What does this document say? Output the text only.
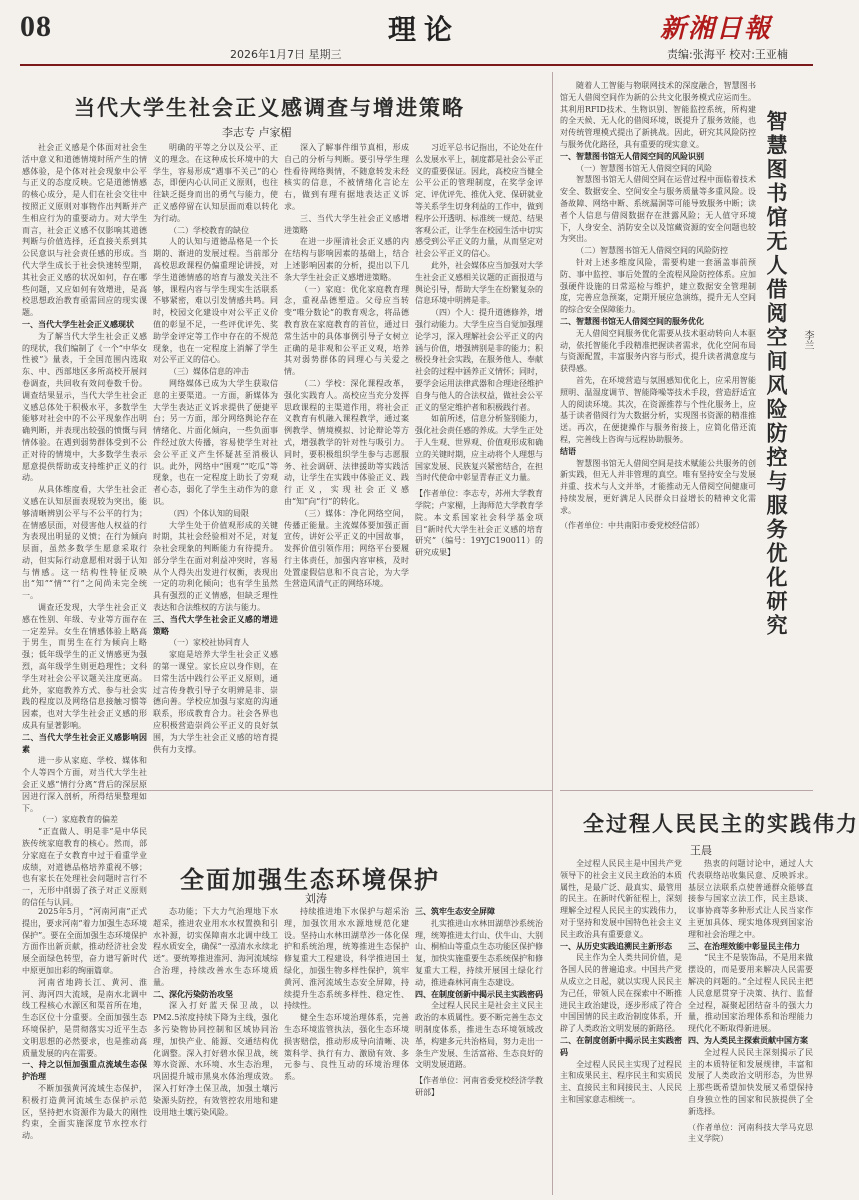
08	理论	新湘日報
2026年1月7日 星期三	责编:张海平 校对:王亚楠
当代大学生社会正义感调查与增进策略
李志专 卢家楣

社会正义感是个体面对社会生活中意义和道德情境时所产生的情感体验，是个体对社会现象中公平与正义的态度反映。它是道德情感的核心成分，是人们在社会交往中按照正义原则对事物作出判断并产生相应行为的重要动力。对大学生而言，社会正义感不仅影响其道德判断与价值选择，还直接关系到其公民意识与社会责任感的形成。当代大学生成长于社会快速转型期，其社会正义感的状况如何，存在哪些问题，又应如何有效增进，是高校思想政治教育亟需回应的现实课题。

一、当代大学生社会正义感现状

为了解当代大学生社会正义感的现状，我们编制了《一个“中华女性被”》量表，于全国范围内选取东、中、西部地区多所高校开展问卷调查，共回收有效问卷数千份。调查结果显示，当代大学生社会正义感总体处于积极水平，多数学生能够对社会中的不公平现象作出明确判断，并表现出较强的愤慨与同情体验。在遇到弱势群体受到不公正对待的情境中，大多数学生表示愿意提供帮助或支持维护正义的行动。

从具体维度看，大学生社会正义感在认知层面表现较为突出，能够清晰辨别公平与不公平的行为；在情感层面，对侵害他人权益的行为表现出明显的义愤；在行为倾向层面，虽然多数学生愿意采取行动，但实际行动意愿相对弱于认知与情感。这一结构性特征反映出“知”“情”“行”之间尚未完全统一。

调查还发现，大学生社会正义感在性别、年级、专业等方面存在一定差异。女生在情感体验上略高于男生，而男生在行为倾向上略强；低年级学生的正义情感更为强烈，高年级学生则更趋理性；文科学生对社会公平议题关注度更高。此外，家庭教养方式、参与社会实践的程度以及网络信息接触习惯等因素，也对大学生社会正义感的形成具有显著影响。

二、当代大学生社会正义感影响因素

进一步从家庭、学校、媒体和个人等四个方面，对当代大学生社会正义感“情行分离”背后的深层原因进行深入剖析，所得结果整理如下。

（一）家庭教育的偏差

“正直做人、明是非”是中华民族传统家庭教育的核心。然而，部分家庭在子女教育中过于看重学业成绩，对道德品格培养重视不够；也有家长在处理社会问题时言行不一，无形中削弱了孩子对正义原则的信任与认同。

明确的平等之分以及公平、正义的理念。在这种成长环境中的大学生，容易形成“遇事不关己”的心态，即便内心认同正义原则，也往往缺乏挺身而出的勇气与能力，使正义感停留在认知层面而难以转化为行动。

（二）学校教育的缺位

人的认知与道德品格是一个长期的、渐进的发展过程。当前部分高校思政课程仍偏重理论讲授，对学生道德情感的培育与激发关注不够，课程内容与学生现实生活联系不够紧密，难以引发情感共鸣。同时，校园文化建设中对公平正义价值的彰显不足，一些评优评先、奖助学金评定等工作中存在的不规范现象，也在一定程度上消解了学生对公平正义的信心。

（三）媒体信息的冲击

网络媒体已成为大学生获取信息的主要渠道。一方面，新媒体为大学生表达正义诉求提供了便捷平台；另一方面，部分网络舆论存在情绪化、片面化倾向，一些负面事件经过放大传播，容易使学生对社会公平正义产生怀疑甚至消极认识。此外，网络中“围观”“吃瓜”等现象，也在一定程度上助长了旁观者心态，弱化了学生主动作为的意识。

（四）个体认知的局限

大学生处于价值观形成的关键时期，其社会经验相对不足，对复杂社会现象的判断能力有待提升。部分学生在面对利益冲突时，容易从个人得失出发进行权衡，表现出一定的功利化倾向；也有学生虽然具有强烈的正义情感，但缺乏理性表达和合法维权的方法与能力。

三、当代大学生社会正义感的增进策略

（一）家校社协同育人

家庭是培养大学生社会正义感的第一课堂。家长应以身作则，在日常生活中践行公平正义原则，通过言传身教引导子女明辨是非、崇德向善。学校应加强与家庭的沟通联系，形成教育合力。社会各界也应积极营造崇尚公平正义的良好氛围，为大学生社会正义感的培育提供有力支撑。

深入了解事件细节真相，形成自己的分析与判断。要引导学生理性看待网络舆情，不随意转发未经核实的信息，不被情绪化言论左右，做到有理有据地表达正义诉求。

三、当代大学生社会正义感增进策略

在进一步厘清社会正义感的内在结构与影响因素的基础上，结合上述影响因素的分析，提出以下几条大学生社会正义感增进策略。

（一）家庭：优化家庭教育理念，重视品德塑造。父母应当转变“唯分数论”的教育观念，将品德教育放在家庭教育的首位，通过日常生活中的具体事例引导子女树立正确的是非观和公平正义观，培养其对弱势群体的同理心与关爱之情。

（二）学校：深化课程改革，强化实践育人。高校应当充分发挥思政课程的主渠道作用，将社会正义教育有机融入课程教学，通过案例教学、情境模拟、讨论辩论等方式，增强教学的针对性与吸引力。同时，要积极组织学生参与志愿服务、社会调研、法律援助等实践活动，让学生在实践中体验正义、践行正义，实现社会正义感由“知”向“行”的转化。

（三）媒体：净化网络空间，传播正能量。主流媒体要加强正面宣传，讲好公平正义的中国故事，发挥价值引领作用；网络平台要履行主体责任，加强内容审核，及时处置虚假信息和不良言论，为大学生营造风清气正的网络环境。

习近平总书记指出，不论处在什么发展水平上，制度都是社会公平正义的重要保证。因此，高校应当健全公平公正的管理制度，在奖学金评定、评优评先、推优入党、保研就业等关系学生切身利益的工作中，做到程序公开透明、标准统一规范、结果客观公正，让学生在校园生活中切实感受到公平正义的力量，从而坚定对社会公平正义的信心。

此外，社会媒体应当加强对大学生社会正义感相关议题的正面报道与舆论引导，帮助大学生在纷繁复杂的信息环境中明辨是非。

（四）个人：提升道德修养，增强行动能力。大学生应当自觉加强理论学习，深入理解社会公平正义的内涵与价值，增强辨别是非的能力；积极投身社会实践，在服务他人、奉献社会的过程中涵养正义情怀；同时，要学会运用法律武器和合理途径维护自身与他人的合法权益，做社会公平正义的坚定维护者和积极践行者。

如前所述，信息分析鉴别能力，强化社会责任感的养成。大学生正处于人生观、世界观、价值观形成和确立的关键时期，应主动将个人理想与国家发展、民族复兴紧密结合，在担当时代使命中彰显青春正义力量。

【作者单位：李志专，苏州大学教育学院；卢家楣，上海师范大学教育学院。本文系国家社会科学基金项目“新时代大学生社会正义感的培育研究”（编号：19YJC190011）的研究成果】

随着人工智能与物联网技术的深度融合，智慧图书馆无人借阅空间作为新的公共文化服务模式应运而生。其利用RFID技术、生物识别、智能监控系统，所构建的全天候、无人化的借阅环境，既提升了服务效能，也对传统管理模式提出了新挑战。因此，研究其风险防控与服务优化路径，具有重要的现实意义。

一、智慧图书馆无人借阅空间的风险识别

（一）智慧图书馆无人借阅空间的风险

智慧图书馆无人借阅空间在运营过程中面临着技术安全、数据安全、空间安全与服务质量等多重风险。设备故障、网络中断、系统漏洞等可能导致服务中断；读者个人信息与借阅数据存在泄露风险；无人值守环境下，人身安全、消防安全以及馆藏资源的安全问题也较为突出。

（二）智慧图书馆无人借阅空间的风险防控

针对上述多维度风险，需要构建一套涵盖事前预防、事中监控、事后处置的全流程风险防控体系。应加强硬件设施的日常巡检与维护，建立数据安全管理制度，完善应急预案，定期开展应急演练，提升无人空间的综合安全保障能力。

二、智慧图书馆无人借阅空间的服务优化

无人借阅空间服务优化需要从技术驱动转向人本驱动，依托智能化手段精准把握读者需求，优化空间布局与资源配置，丰富服务内容与形式，提升读者满意度与获得感。

首先，在环境营造与氛围感知优化上，应采用智能照明、温湿度调节、智能降噪等技术手段，营造舒适宜人的阅读环境。其次，在资源推荐与个性化服务上，应基于读者借阅行为大数据分析，实现图书资源的精准推送。再次，在便捷操作与服务衔接上，应简化借还流程，完善线上咨询与远程协助服务。

结语

智慧图书馆无人借阅空间是技术赋能公共服务的创新实践，但无人并非管理的真空。唯有坚持安全与发展并重、技术与人文并举，才能推动无人借阅空间健康可持续发展，更好满足人民群众日益增长的精神文化需求。

（作者单位：中共南阳市委党校经信部）	智慧图书馆无人借阅空间风险防控与服务优化研究 李兰
全面加强生态环境保护
刘涛

2025年5月，“河南河南”正式提出，要求河南“着力加强生态环境保护”。要在全面加强生态环境保护方面作出新贡献，推动经济社会发展全面绿色转型，奋力谱写新时代中原更加出彩的绚丽篇章。

河南省地跨长江、黄河、淮河、海河四大流域，是南水北调中线工程核心水源区和渠首所在地，生态区位十分重要。全面加强生态环境保护，是贯彻落实习近平生态文明思想的必然要求，也是推动高质量发展的内在需要。

一、持之以恒加强重点流域生态保护治理

不断加强黄河流域生态保护，积极打造黄河流域生态保护示范区，坚持把水资源作为最大的刚性约束，全面实施深度节水控水行动。

态功能；下大力气治理地下水超采，推进农业用水水权置换和引水补源，切实保障南水北调中线工程水质安全，确保“一泓清水永续北送”。要统筹推进淮河、海河流域综合治理，持续改善水生态环境质量。

二、深化污染防治攻坚

深入打好蓝天保卫战，以PM2.5浓度持续下降为主线，强化多污染物协同控制和区域协同治理，加快产业、能源、交通结构优化调整。深入打好碧水保卫战，统筹水资源、水环境、水生态治理，巩固提升城市黑臭水体治理成效。深入打好净土保卫战，加强土壤污染源头防控，有效管控农用地和建设用地土壤污染风险。

持续推进地下水保护与超采治理，加强饮用水水源地规范化建设。坚持山水林田湖草沙一体化保护和系统治理，统筹推进生态保护修复重大工程建设，科学推进国土绿化，加强生物多样性保护，筑牢黄河、淮河流域生态安全屏障，持续提升生态系统多样性、稳定性、持续性。

健全生态环境治理体系，完善生态环境监管执法，强化生态环境损害赔偿，推动形成导向清晰、决策科学、执行有力、激励有效、多元参与、良性互动的环境治理体系。

三、筑牢生态安全屏障

扎实推进山水林田湖草沙系统治理，统筹推进太行山、伏牛山、大别山、桐柏山等重点生态功能区保护修复，加快实施重要生态系统保护和修复重大工程，持续开展国土绿化行动，推进森林河南生态建设。

四、在制度创新中揭示民主实践密码

全过程人民民主是社会主义民主政治的本质属性。要不断完善生态文明制度体系，推进生态环境领域改革，构建多元共治格局，努力走出一条生产发展、生活富裕、生态良好的文明发展道路。

【作者单位：河南省委党校经济学教研部】

全过程人民民主的实践伟力
王晨

全过程人民民主是中国共产党领导下的社会主义民主政治的本质属性，是最广泛、最真实、最管用的民主。在新时代新征程上，深刻理解全过程人民民主的实践伟力，对于坚持和发展中国特色社会主义民主政治具有重要意义。

一、从历史实践追溯民主新形态

民主作为全人类共同价值，是各国人民的普遍追求。中国共产党从成立之日起，就以实现人民民主为己任，带领人民在探索中不断推进民主政治建设，逐步形成了符合中国国情的民主政治制度体系，开辟了人类政治文明发展的新路径。

二、在制度创新中揭示民主实践密码

全过程人民民主实现了过程民主和成果民主、程序民主和实质民主、直接民主和间接民主、人民民主和国家意志相统一。

热衷的问题讨论中，通过人大代表联络站收集民意、反映诉求。基层立法联系点使普通群众能够直接参与国家立法工作，民主恳谈、议事协商等多种形式让人民当家作主更加具体、现实地体现到国家治理和社会治理之中。

三、在治理效能中彰显民主伟力

“民主不是装饰品，不是用来做摆设的，而是要用来解决人民需要解决的问题的。”全过程人民民主把人民意愿贯穿于决策、执行、监督全过程，凝聚起团结奋斗的强大力量，推动国家治理体系和治理能力现代化不断取得新进展。

四、为人类民主探索贡献中国方案

全过程人民民主深刻揭示了民主的本质特征和发展规律，丰富和发展了人类政治文明形态，为世界上那些既希望加快发展又希望保持自身独立性的国家和民族提供了全新选择。

（作者单位：河南科技大学马克思主义学院）
